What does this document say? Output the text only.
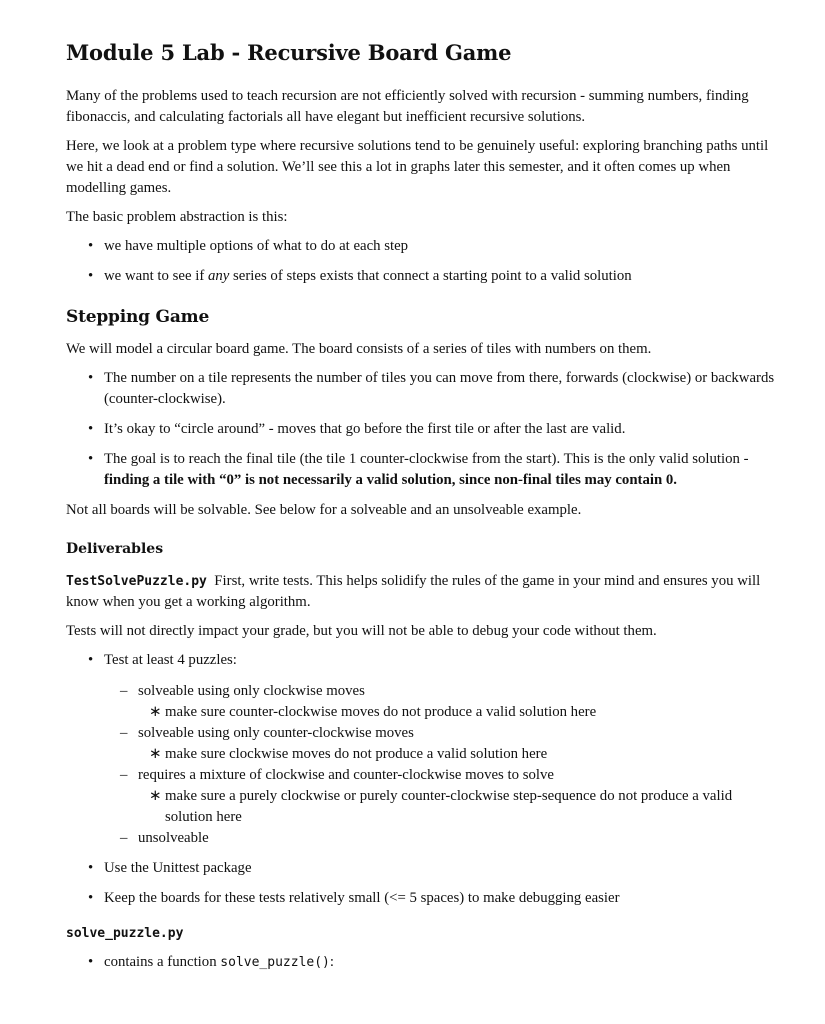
Module 5 Lab - Recursive Board Game

Many of the problems used to teach recursion are not efficiently solved with recursion - summing numbers, finding fibonaccis, and calculating factorials all have elegant but inefficient recursive solutions.

Here, we look at a problem type where recursive solutions tend to be genuinely useful: exploring branching paths until we hit a dead end or find a solution. We’ll see this a lot in graphs later this semester, and it often comes up when modelling games.

The basic problem abstraction is this:

• we have multiple options of what to do at each step
• we want to see if any series of steps exists that connect a starting point to a valid solution
Stepping Game

We will model a circular board game. The board consists of a series of tiles with numbers on them.

• The number on a tile represents the number of tiles you can move from there, forwards (clockwise) or backwards (counter-clockwise).
• It’s okay to “circle around” - moves that go before the first tile or after the last are valid.
• The goal is to reach the final tile (the tile 1 counter-clockwise from the start). This is the only valid solution - finding a tile with “0” is not necessarily a valid solution, since non-final tiles may contain 0.

Not all boards will be solvable. See below for a solveable and an unsolveable example.

Deliverables

TestSolvePuzzle.py First, write tests. This helps solidify the rules of the game in your mind and ensures you will know when you get a working algorithm.

Tests will not directly impact your grade, but you will not be able to debug your code without them.

• Test at least 4 puzzles:
– solveable using only clockwise moves
∗ make sure counter-clockwise moves do not produce a valid solution here
– solveable using only counter-clockwise moves
∗ make sure clockwise moves do not produce a valid solution here
– requires a mixture of clockwise and counter-clockwise moves to solve
∗ make sure a purely clockwise or purely counter-clockwise step-sequence do not produce a valid solution here
– unsolveable
• Use the Unittest package
• Keep the boards for these tests relatively small (<= 5 spaces) to make debugging easier

solve_puzzle.py

• contains a function solve_puzzle():
